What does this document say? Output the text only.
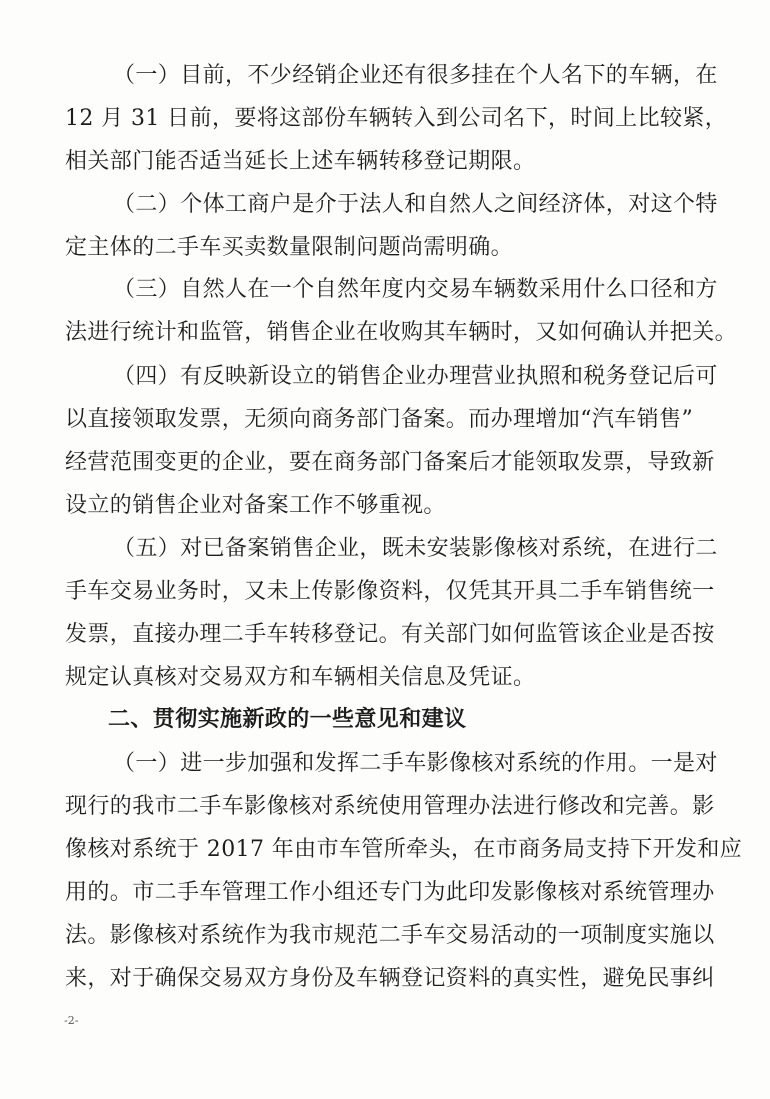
（一）目前，不少经销企业还有很多挂在个人名下的车辆，在
12 月 31 日前，要将这部份车辆转入到公司名下，时间上比较紧，
相关部门能否适当延长上述车辆转移登记期限。
（二）个体工商户是介于法人和自然人之间经济体，对这个特
定主体的二手车买卖数量限制问题尚需明确。
（三）自然人在一个自然年度内交易车辆数采用什么口径和方
法进行统计和监管，销售企业在收购其车辆时，又如何确认并把关。
（四）有反映新设立的销售企业办理营业执照和税务登记后可
以直接领取发票，无须向商务部门备案。而办理增加“汽车销售”
经营范围变更的企业，要在商务部门备案后才能领取发票，导致新
设立的销售企业对备案工作不够重视。
（五）对已备案销售企业，既未安装影像核对系统，在进行二
手车交易业务时，又未上传影像资料，仅凭其开具二手车销售统一
发票，直接办理二手车转移登记。有关部门如何监管该企业是否按
规定认真核对交易双方和车辆相关信息及凭证。
二、贯彻实施新政的一些意见和建议
（一）进一步加强和发挥二手车影像核对系统的作用。一是对
现行的我市二手车影像核对系统使用管理办法进行修改和完善。影
像核对系统于 2017 年由市车管所牵头，在市商务局支持下开发和应
用的。市二手车管理工作小组还专门为此印发影像核对系统管理办
法。影像核对系统作为我市规范二手车交易活动的一项制度实施以
来，对于确保交易双方身份及车辆登记资料的真实性，避免民事纠
-2-
